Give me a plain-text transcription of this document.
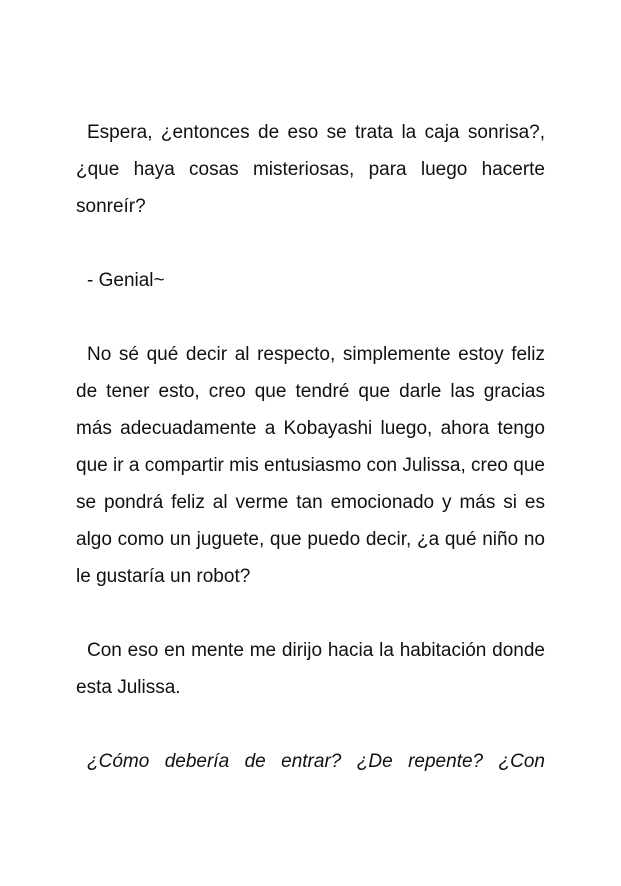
Espera, ¿entonces de eso se trata la caja sonrisa?, ¿que haya cosas misteriosas, para luego hacerte sonreír?

- Genial~

No sé qué decir al respecto, simplemente estoy feliz de tener esto, creo que tendré que darle las gracias más adecuadamente a Kobayashi luego, ahora tengo que ir a compartir mis entusiasmo con Julissa, creo que se pondrá feliz al verme tan emocionado y más si es algo como un juguete, que puedo decir, ¿a qué niño no le gustaría un robot?

Con eso en mente me dirijo hacia la habitación donde esta Julissa.

¿Cómo debería de entrar? ¿De repente? ¿Con
